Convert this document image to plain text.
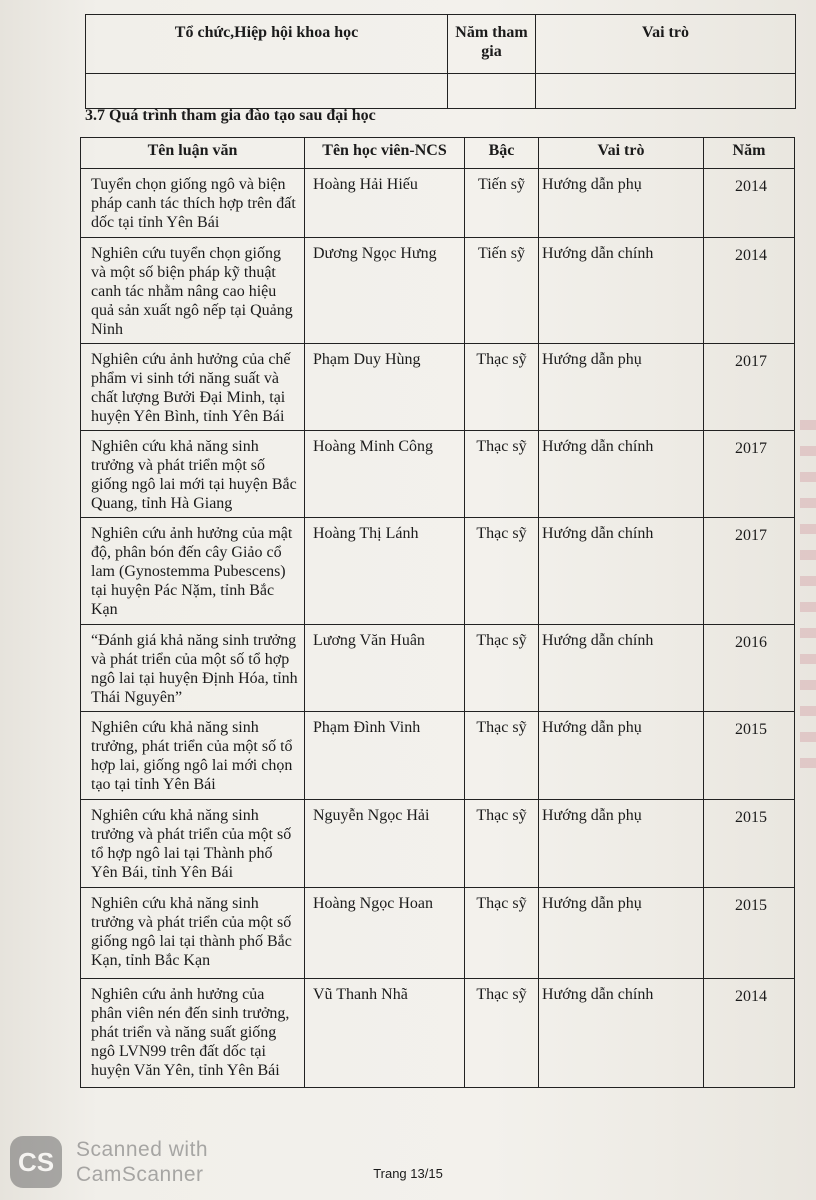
Tổ chức,Hiệp hội khoa học	Năm tham gia	Vai trò

3.7 Quá trình tham gia đào tạo sau đại học
Tên luận văn	Tên học viên-NCS	Bậc	Vai trò	Năm
Tuyển chọn giống ngô và biện pháp canh tác thích hợp trên đất dốc tại tỉnh Yên Bái	Hoàng Hải Hiếu	Tiến sỹ	Hướng dẫn phụ	2014
Nghiên cứu tuyển chọn giống và một số biện pháp kỹ thuật canh tác nhằm nâng cao hiệu quả sản xuất ngô nếp tại Quảng Ninh	Dương Ngọc Hưng	Tiến sỹ	Hướng dẫn chính	2014
Nghiên cứu ảnh hưởng của chế phẩm vi sinh tới năng suất và chất lượng Bưởi Đại Minh, tại huyện Yên Bình, tỉnh Yên Bái	Phạm Duy Hùng	Thạc sỹ	Hướng dẫn phụ	2017
Nghiên cứu khả năng sinh trưởng và phát triển một số giống ngô lai mới tại huyện Bắc Quang, tỉnh Hà Giang	Hoàng Minh Công	Thạc sỹ	Hướng dẫn chính	2017
Nghiên cứu ảnh hưởng của mật độ, phân bón đến cây Giảo cổ lam (Gynostemma Pubescens) tại huyện Pác Nặm, tỉnh Bắc Kạn	Hoàng Thị Lánh	Thạc sỹ	Hướng dẫn chính	2017
“Đánh giá khả năng sinh trưởng và phát triển của một số tổ hợp ngô lai tại huyện Định Hóa, tỉnh Thái Nguyên”	Lương Văn Huân	Thạc sỹ	Hướng dẫn chính	2016
Nghiên cứu khả năng sinh trưởng, phát triển của một số tổ hợp lai, giống ngô lai mới chọn tạo tại tỉnh Yên Bái	Phạm Đình Vinh	Thạc sỹ	Hướng dẫn phụ	2015
Nghiên cứu khả năng sinh trưởng và phát triển của một số tổ hợp ngô lai tại Thành phố Yên Bái, tỉnh Yên Bái	Nguyễn Ngọc Hải	Thạc sỹ	Hướng dẫn phụ	2015
Nghiên cứu khả năng sinh trưởng và phát triển của một số giống ngô lai tại thành phố Bắc Kạn, tỉnh Bắc Kạn	Hoàng Ngọc Hoan	Thạc sỹ	Hướng dẫn phụ	2015
Nghiên cứu ảnh hưởng của phân viên nén đến sinh trưởng, phát triển và năng suất giống ngô LVN99 trên đất dốc tại huyện Văn Yên, tỉnh Yên Bái	Vũ Thanh Nhã	Thạc sỹ	Hướng dẫn chính	2014
CS	Scanned with
CamScanner	Trang 13/15
